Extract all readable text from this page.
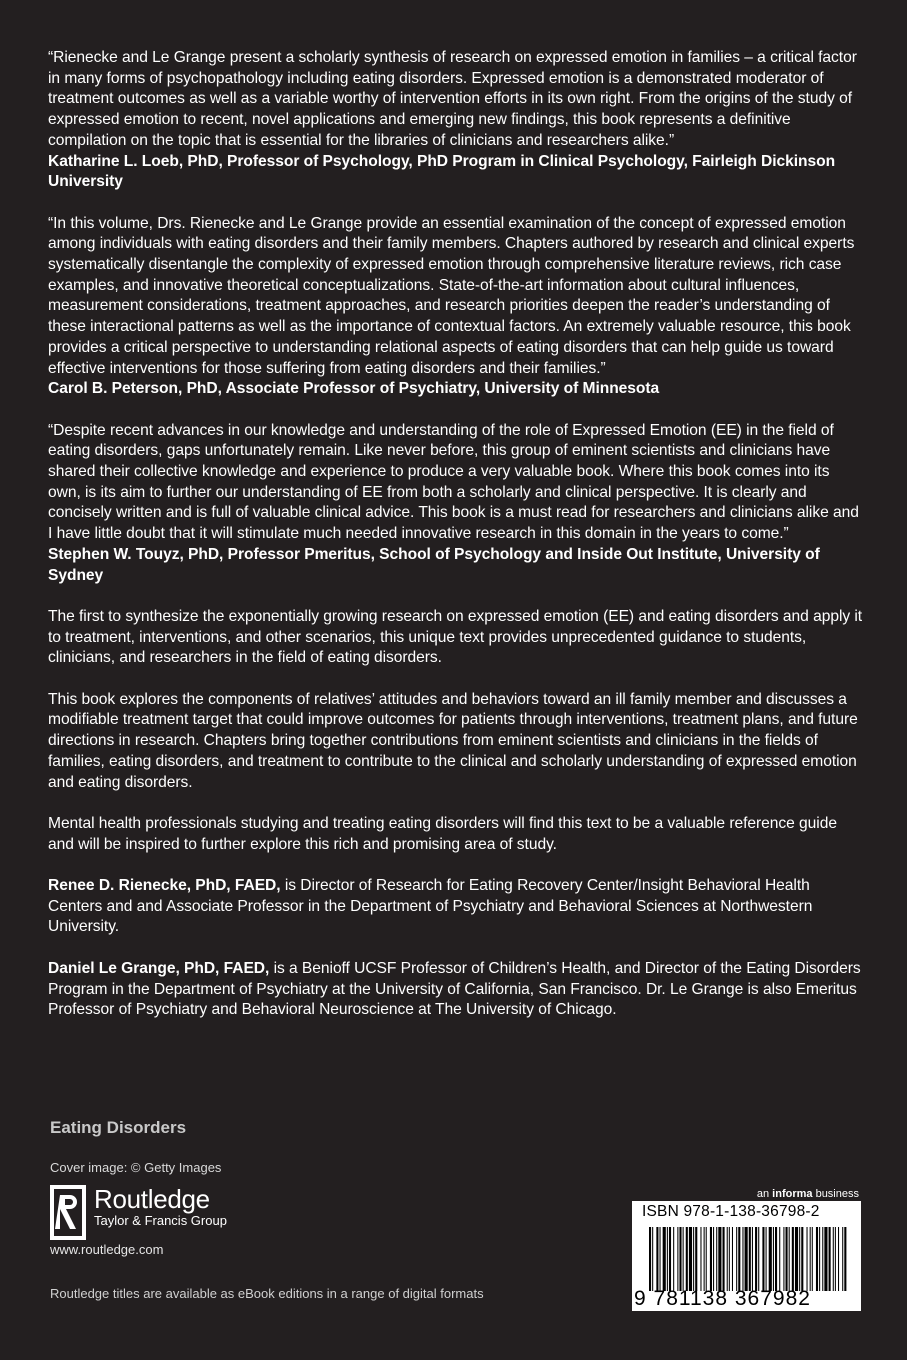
“Rienecke and Le Grange present a scholarly synthesis of research on expressed emotion in families – a critical factor in many forms of psychopathology including eating disorders. Expressed emotion is a demonstrated moderator of treatment outcomes as well as a variable worthy of intervention efforts in its own right. From the origins of the study of expressed emotion to recent, novel applications and emerging new findings, this book represents a definitive compilation on the topic that is essential for the libraries of clinicians and researchers alike.”
Katharine L. Loeb, PhD, Professor of Psychology, PhD Program in Clinical Psychology, Fairleigh Dickinson University

“In this volume, Drs. Rienecke and Le Grange provide an essential examination of the concept of expressed emotion among individuals with eating disorders and their family members. Chapters authored by research and clinical experts systematically disentangle the complexity of expressed emotion through comprehensive literature reviews, rich case examples, and innovative theoretical conceptualizations. State-of-the-art information about cultural influences, measurement considerations, treatment approaches, and research priorities deepen the reader’s understanding of these interactional patterns as well as the importance of contextual factors. An extremely valuable resource, this book provides a critical perspective to understanding relational aspects of eating disorders that can help guide us toward effective interventions for those suffering from eating disorders and their families.”
Carol B. Peterson, PhD, Associate Professor of Psychiatry, University of Minnesota

“Despite recent advances in our knowledge and understanding of the role of Expressed Emotion (EE) in the field of eating disorders, gaps unfortunately remain. Like never before, this group of eminent scientists and clinicians have shared their collective knowledge and experience to produce a very valuable book. Where this book comes into its own, is its aim to further our understanding of EE from both a scholarly and clinical perspective. It is clearly and concisely written and is full of valuable clinical advice. This book is a must read for researchers and clinicians alike and I have little doubt that it will stimulate much needed innovative research in this domain in the years to come.”
Stephen W. Touyz, PhD, Professor Pmeritus, School of Psychology and Inside Out Institute, University of Sydney

The first to synthesize the exponentially growing research on expressed emotion (EE) and eating disorders and apply it to treatment, interventions, and other scenarios, this unique text provides unprecedented guidance to students, clinicians, and researchers in the field of eating disorders.

This book explores the components of relatives’ attitudes and behaviors toward an ill family member and discusses a modifiable treatment target that could improve outcomes for patients through interventions, treatment plans, and future directions in research. Chapters bring together contributions from eminent scientists and clinicians in the fields of families, eating disorders, and treatment to contribute to the clinical and scholarly understanding of expressed emotion and eating disorders.

Mental health professionals studying and treating eating disorders will find this text to be a valuable reference guide and will be inspired to further explore this rich and promising area of study.

Renee D. Rienecke, PhD, FAED, is Director of Research for Eating Recovery Center/Insight Behavioral Health Centers and and Associate Professor in the Department of Psychiatry and Behavioral Sciences at Northwestern University.

Daniel Le Grange, PhD, FAED, is a Benioff UCSF Professor of Children’s Health, and Director of the Eating Disorders Program in the Department of Psychiatry at the University of California, San Francisco. Dr. Le Grange is also Emeritus Professor of Psychiatry and Behavioral Neuroscience at The University of Chicago.

Eating Disorders
Cover image: © Getty Images
Routledge
Taylor & Francis Group
www.routledge.com
Routledge titles are available as eBook editions in a range of digital formats
an informa business
ISBN 978-1-138-36798-2
9 781138 367982
